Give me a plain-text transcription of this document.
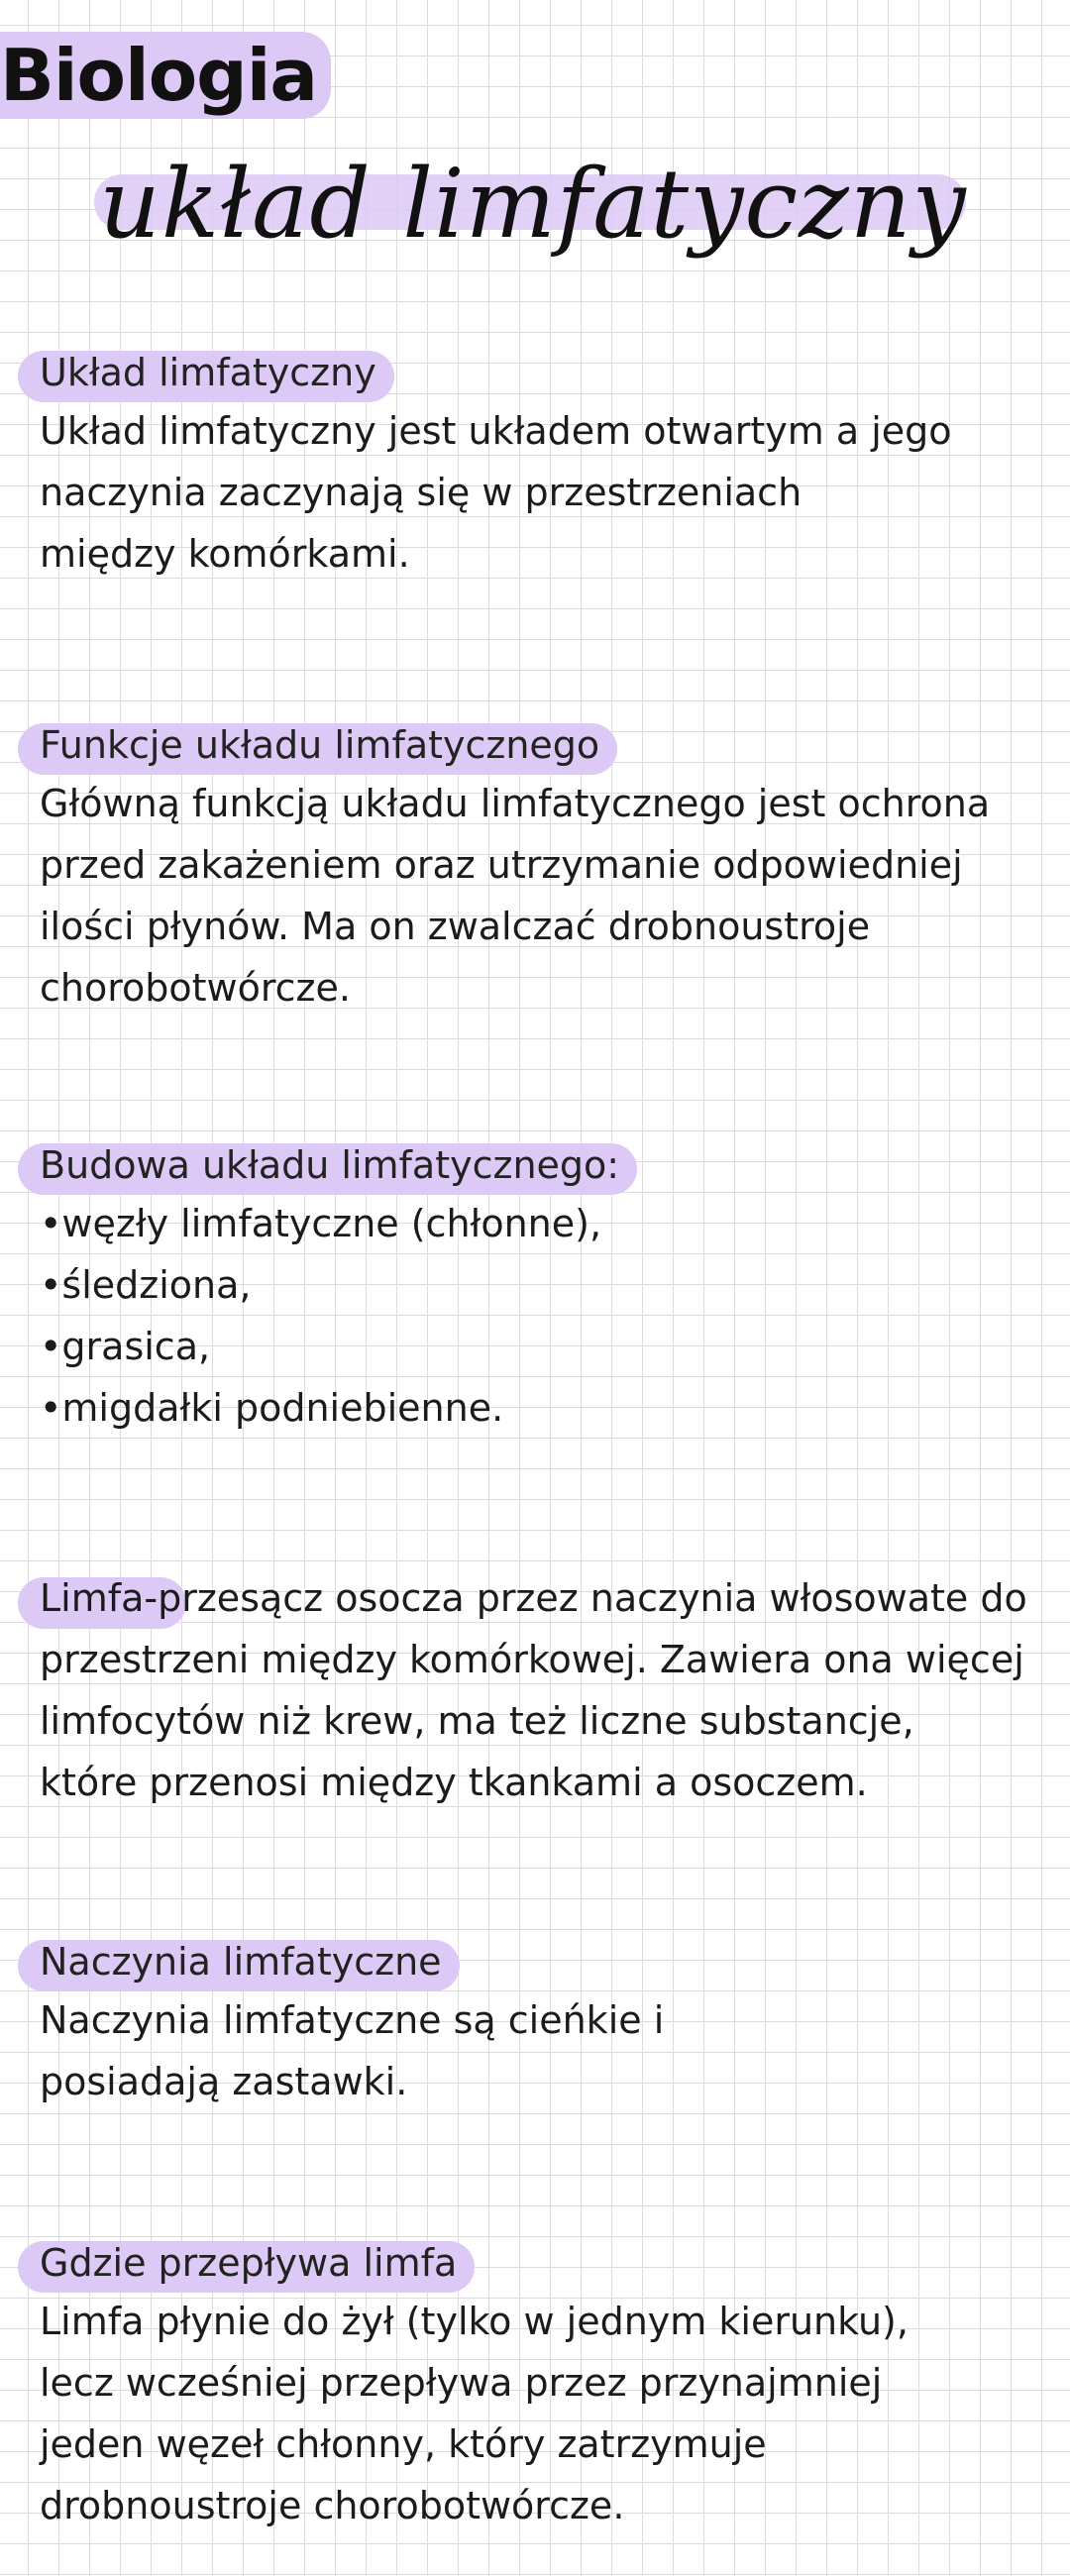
Biologia
układ limfatyczny
Układ limfatyczny
Układ limfatyczny jest układem otwartym a jego
naczynia zaczynają się w przestrzeniach
między komórkami.
Funkcje układu limfatycznego
Główną funkcją układu limfatycznego jest ochrona
przed zakażeniem oraz utrzymanie odpowiedniej
ilości płynów. Ma on zwalczać drobnoustroje
chorobotwórcze.
Budowa układu limfatycznego:
•węzły limfatyczne (chłonne),
•śledziona,
•grasica,
•migdałki podniebienne.
Limfa-przesącz osocza przez naczynia włosowate do
przestrzeni między komórkowej. Zawiera ona więcej
limfocytów niż krew, ma też liczne substancje,
które przenosi między tkankami a osoczem.
Naczynia limfatyczne
Naczynia limfatyczne są cieńkie i
posiadają zastawki.
Gdzie przepływa limfa
Limfa płynie do żył (tylko w jednym kierunku),
lecz wcześniej przepływa przez przynajmniej
jeden węzeł chłonny, który zatrzymuje
drobnoustroje chorobotwórcze.
